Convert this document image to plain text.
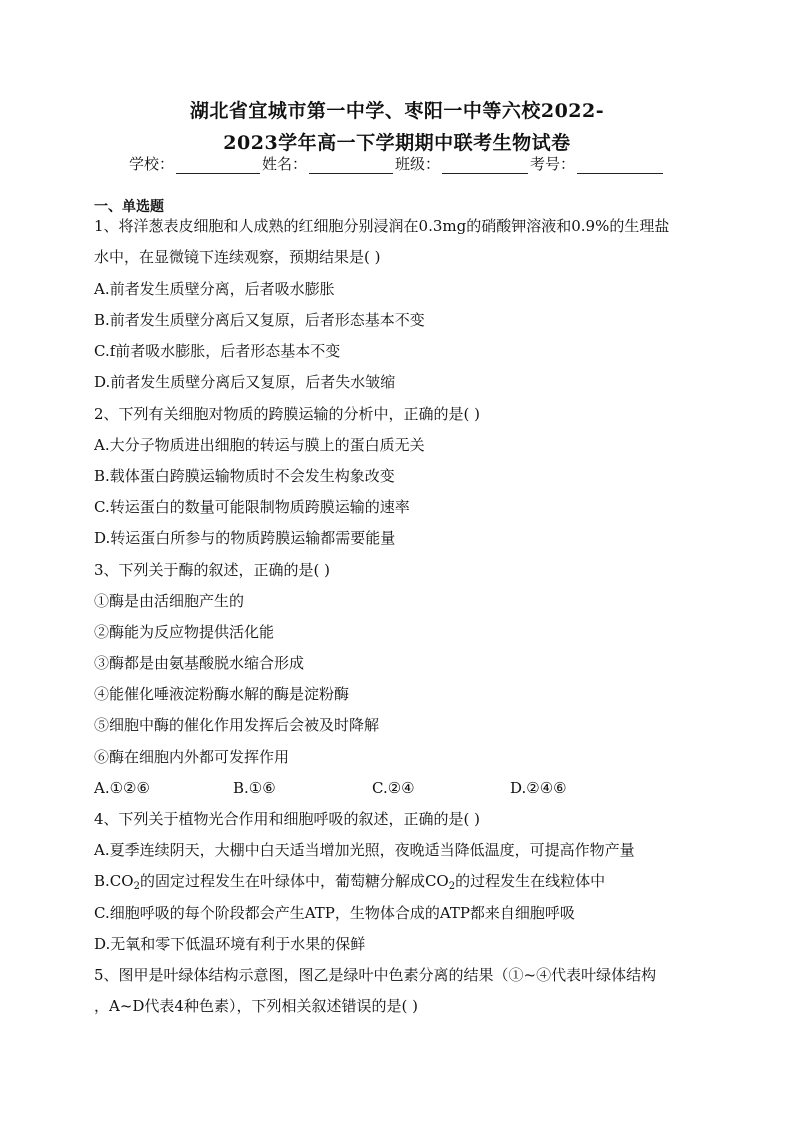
湖北省宜城市第一中学、枣阳一中等六校2022-
2023学年高一下学期期中联考生物试卷
学校：	姓名：	班级：	考号：
一、单选题
1、将洋葱表皮细胞和人成熟的红细胞分别浸润在0.3mg的硝酸钾溶液和0.9%的生理盐
水中，在显微镜下连续观察，预期结果是( )
A.前者发生质壁分离，后者吸水膨胀
B.前者发生质壁分离后又复原，后者形态基本不变
C.f前者吸水膨胀，后者形态基本不变
D.前者发生质壁分离后又复原，后者失水皱缩
2、下列有关细胞对物质的跨膜运输的分析中，正确的是( )
A.大分子物质进出细胞的转运与膜上的蛋白质无关
B.载体蛋白跨膜运输物质时不会发生构象改变
C.转运蛋白的数量可能限制物质跨膜运输的速率
D.转运蛋白所参与的物质跨膜运输都需要能量
3、下列关于酶的叙述，正确的是( )
①酶是由活细胞产生的
②酶能为反应物提供活化能
③酶都是由氨基酸脱水缩合形成
④能催化唾液淀粉酶水解的酶是淀粉酶
⑤细胞中酶的催化作用发挥后会被及时降解
⑥酶在细胞内外都可发挥作用
A.①②⑥	B.①⑥	C.②④	D.②④⑥
4、下列关于植物光合作用和细胞呼吸的叙述，正确的是( )
A.夏季连续阴天，大棚中白天适当增加光照，夜晚适当降低温度，可提高作物产量
$B.CO_2$的固定过程发生在叶绿体中，葡萄糖分解成$CO_2$的过程发生在线粒体中
C.细胞呼吸的每个阶段都会产生ATP，生物体合成的ATP都来自细胞呼吸
D.无氧和零下低温环境有利于水果的保鲜
5、图甲是叶绿体结构示意图，图乙是绿叶中色素分离的结果（①~④代表叶绿体结构
，A~D代表4种色素），下列相关叙述错误的是( )
